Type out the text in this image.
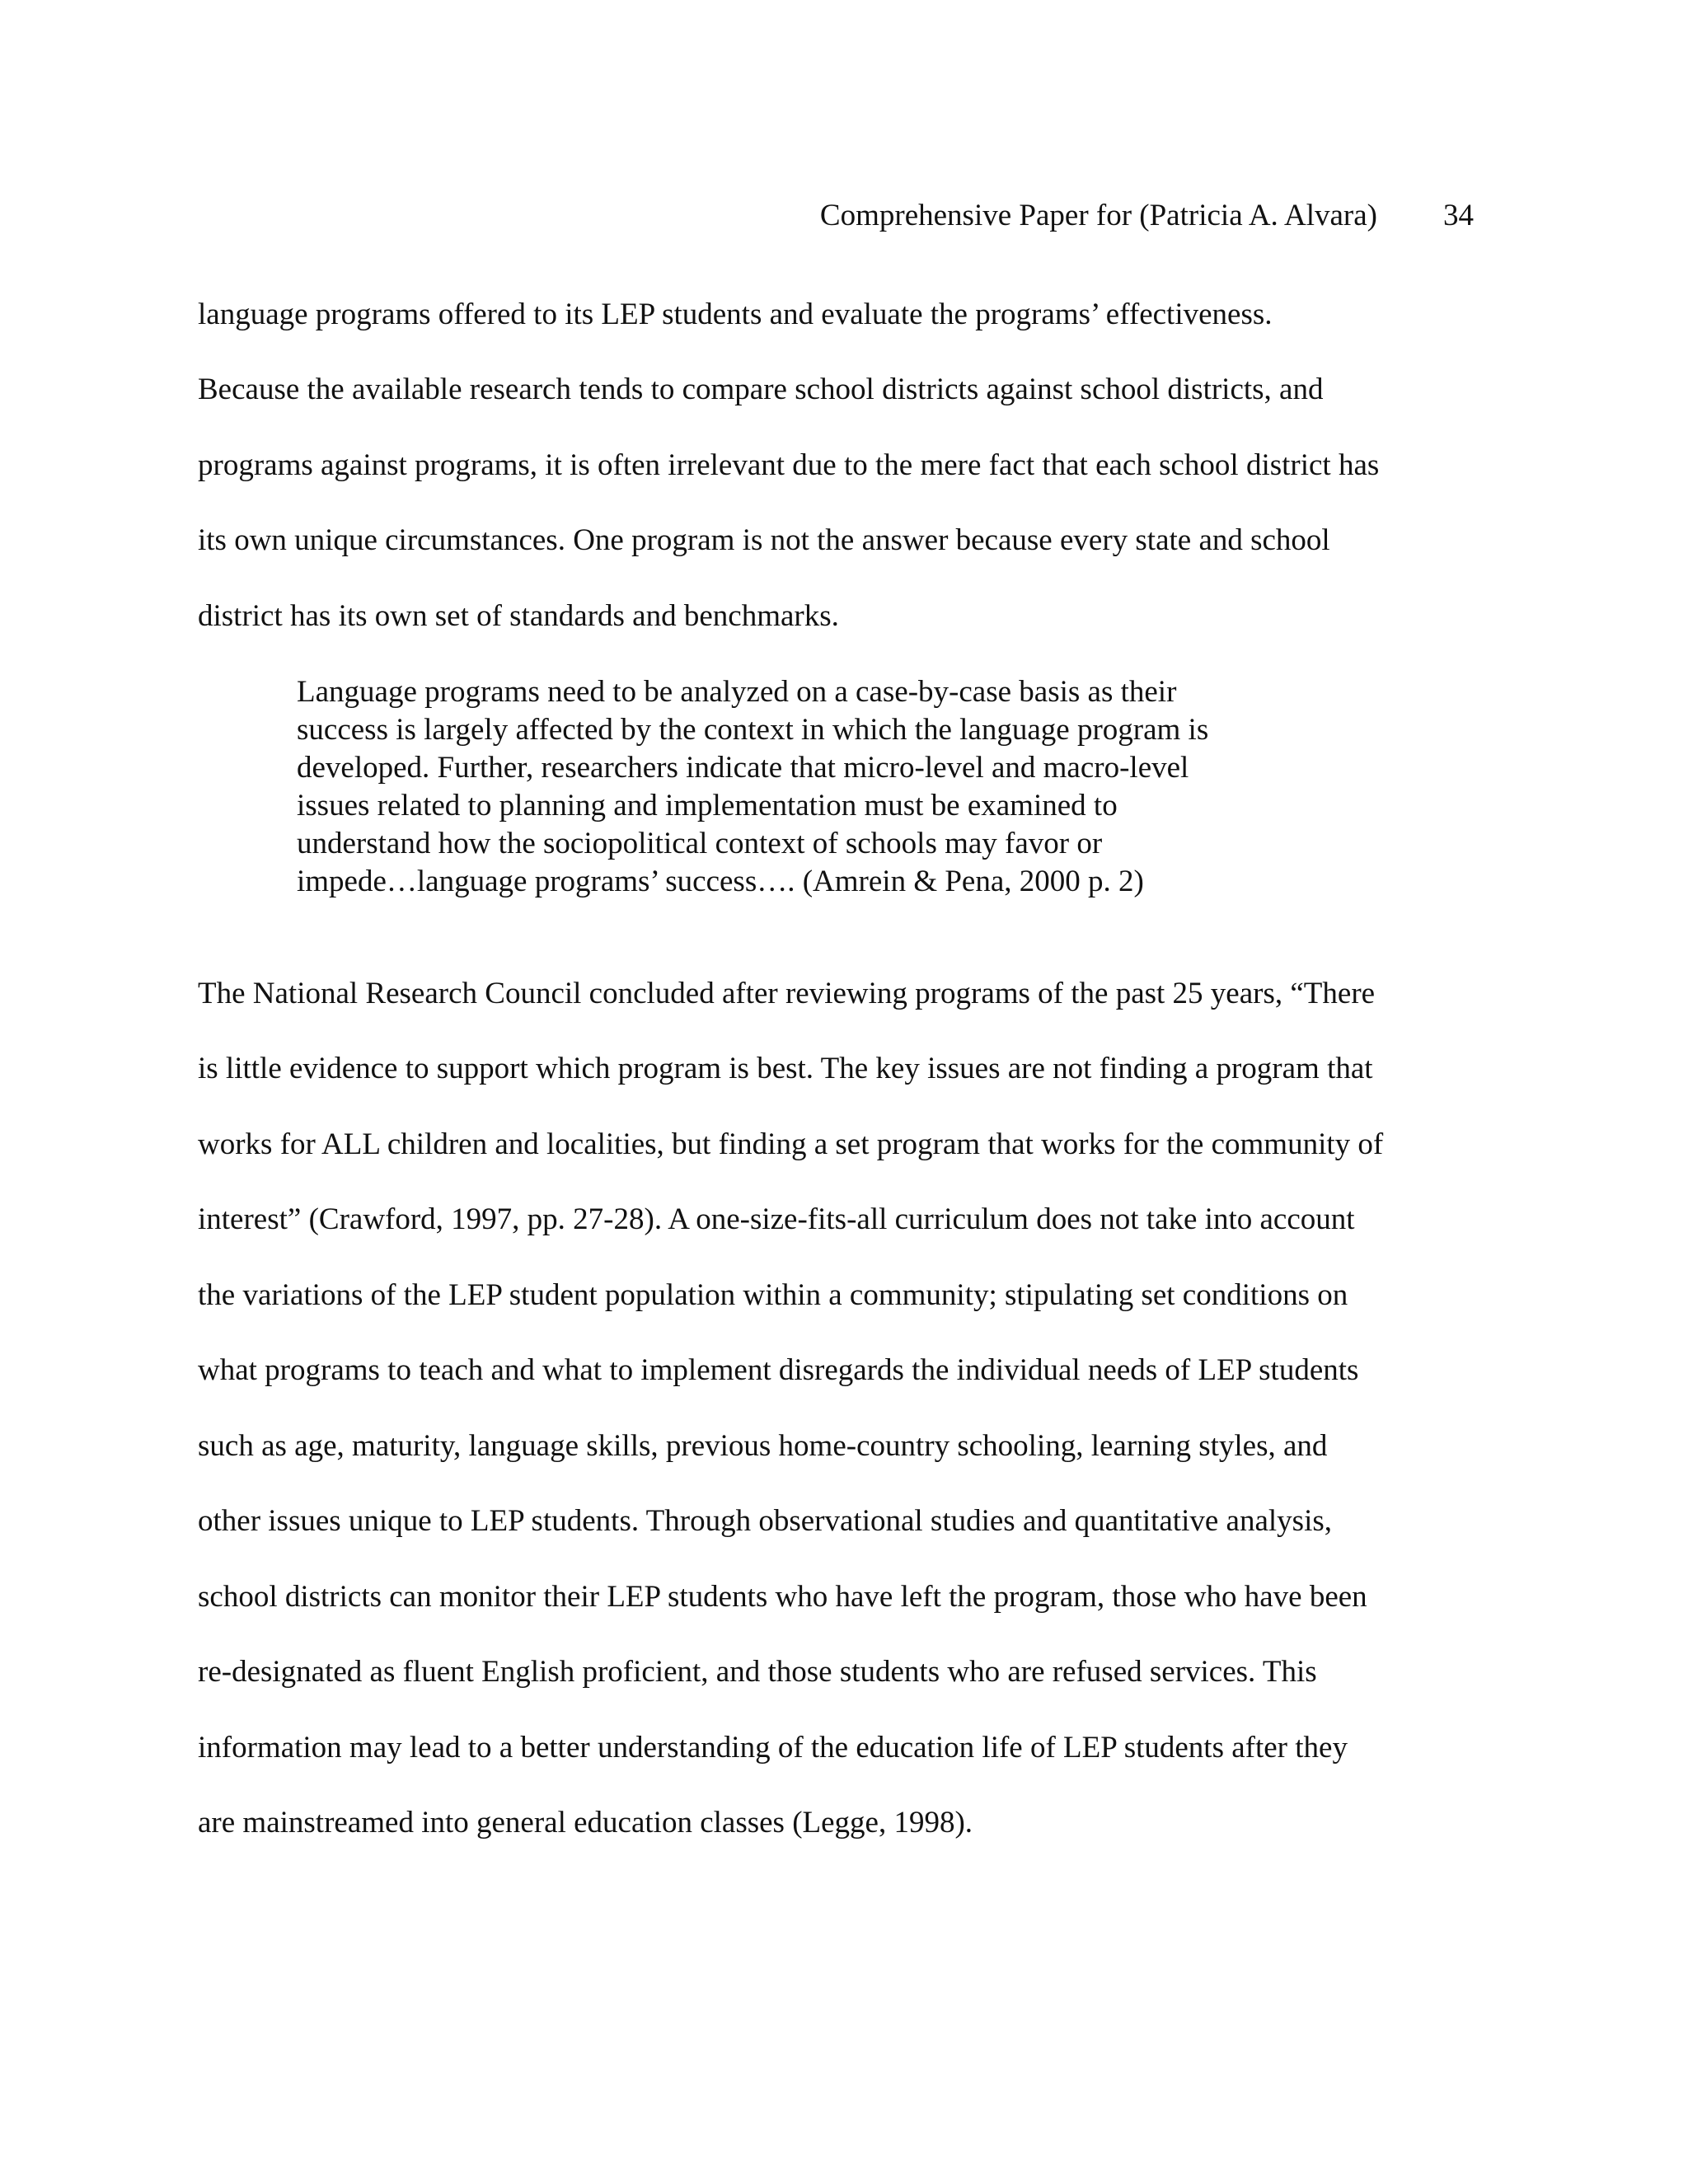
Comprehensive Paper for (Patricia A. Alvara) 34
language programs offered to its LEP students and evaluate the programs’ effectiveness.
Because the available research tends to compare school districts against school districts, and
programs against programs, it is often irrelevant due to the mere fact that each school district has
its own unique circumstances. One program is not the answer because every state and school
district has its own set of standards and benchmarks.
Language programs need to be analyzed on a case-by-case basis as their
success is largely affected by the context in which the language program is
developed. Further, researchers indicate that micro-level and macro-level
issues related to planning and implementation must be examined to
understand how the sociopolitical context of schools may favor or
impede…language programs’ success…. (Amrein & Pena, 2000 p. 2)
The National Research Council concluded after reviewing programs of the past 25 years, “There
is little evidence to support which program is best. The key issues are not finding a program that
works for ALL children and localities, but finding a set program that works for the community of
interest” (Crawford, 1997, pp. 27-28). A one-size-fits-all curriculum does not take into account
the variations of the LEP student population within a community; stipulating set conditions on
what programs to teach and what to implement disregards the individual needs of LEP students
such as age, maturity, language skills, previous home-country schooling, learning styles, and
other issues unique to LEP students. Through observational studies and quantitative analysis,
school districts can monitor their LEP students who have left the program, those who have been
re-designated as fluent English proficient, and those students who are refused services. This
information may lead to a better understanding of the education life of LEP students after they
are mainstreamed into general education classes (Legge, 1998).
